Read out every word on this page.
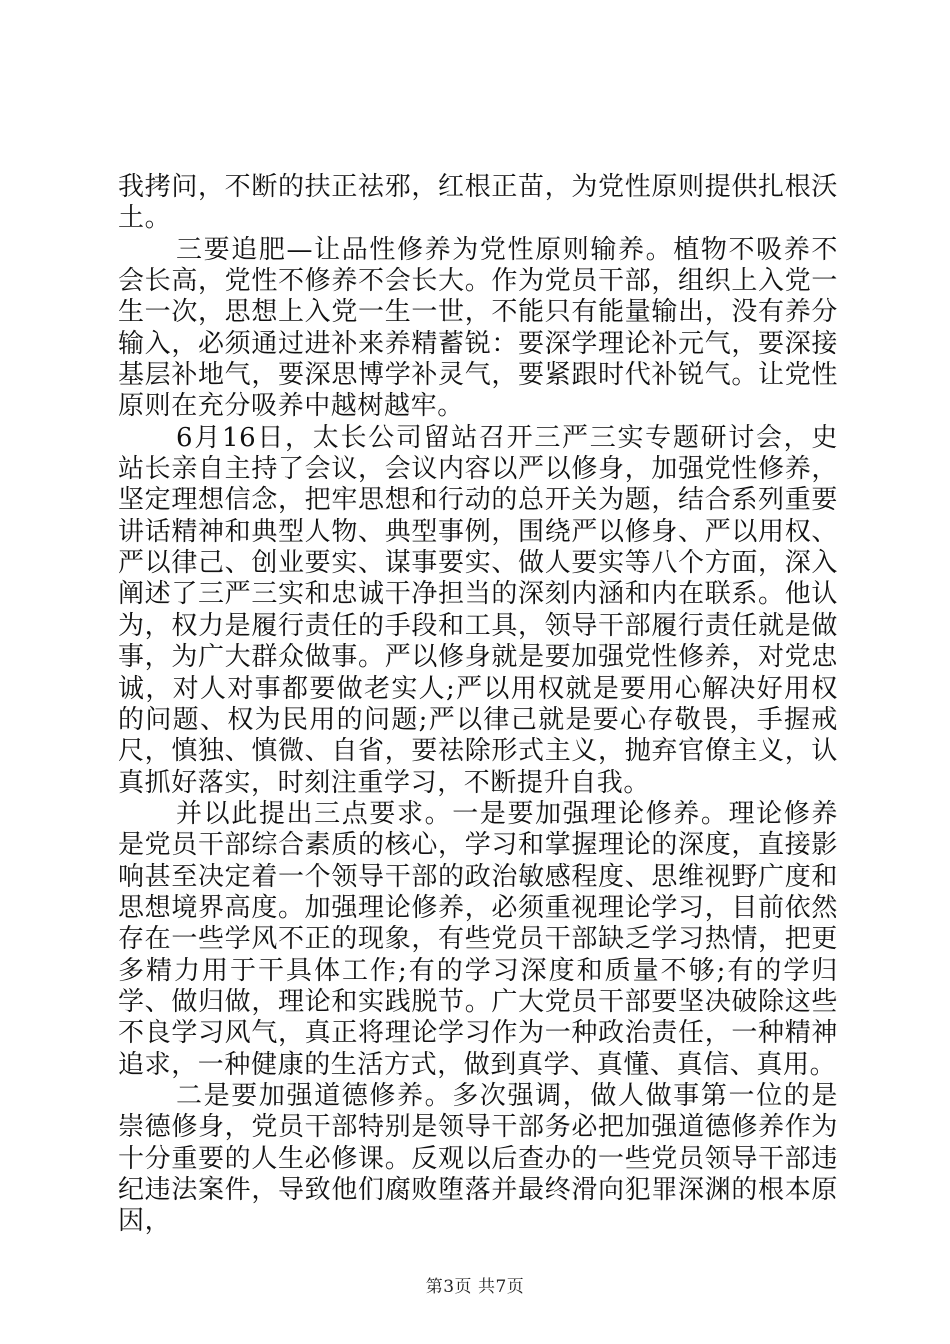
我拷问，不断的扶正祛邪，红根正苗，为党性原则提供扎根沃土。

三要追肥—让品性修养为党性原则输养。植物不吸养不会长高，党性不修养不会长大。作为党员干部，组织上入党一生一次，思想上入党一生一世，不能只有能量输出，没有养分输入，必须通过进补来养精蓄锐：要深学理论补元气，要深接基层补地气，要深思博学补灵气，要紧跟时代补锐气。让党性原则在充分吸养中越树越牢。

6月16日，太长公司留站召开三严三实专题研讨会，史站长亲自主持了会议，会议内容以严以修身，加强党性修养，坚定理想信念，把牢思想和行动的总开关为题，结合系列重要讲话精神和典型人物、典型事例，围绕严以修身、严以用权、严以律己、创业要实、谋事要实、做人要实等八个方面，深入阐述了三严三实和忠诚干净担当的深刻内涵和内在联系。他认为，权力是履行责任的手段和工具，领导干部履行责任就是做事，为广大群众做事。严以修身就是要加强党性修养，对党忠诚，对人对事都要做老实人;严以用权就是要用心解决好用权的问题、权为民用的问题;严以律己就是要心存敬畏，手握戒尺，慎独、慎微、自省，要祛除形式主义，抛弃官僚主义，认真抓好落实，时刻注重学习，不断提升自我。

并以此提出三点要求。一是要加强理论修养。理论修养是党员干部综合素质的核心，学习和掌握理论的深度，直接影响甚至决定着一个领导干部的政治敏感程度、思维视野广度和思想境界高度。加强理论修养，必须重视理论学习，目前依然存在一些学风不正的现象，有些党员干部缺乏学习热情，把更多精力用于干具体工作;有的学习深度和质量不够;有的学归学、做归做，理论和实践脱节。广大党员干部要坚决破除这些不良学习风气，真正将理论学习作为一种政治责任，一种精神追求，一种健康的生活方式，做到真学、真懂、真信、真用。

二是要加强道德修养。多次强调，做人做事第一位的是崇德修身，党员干部特别是领导干部务必把加强道德修养作为十分重要的人生必修课。反观以后查办的一些党员领导干部违纪违法案件，导致他们腐败堕落并最终滑向犯罪深渊的根本原因，

第3页 共7页
